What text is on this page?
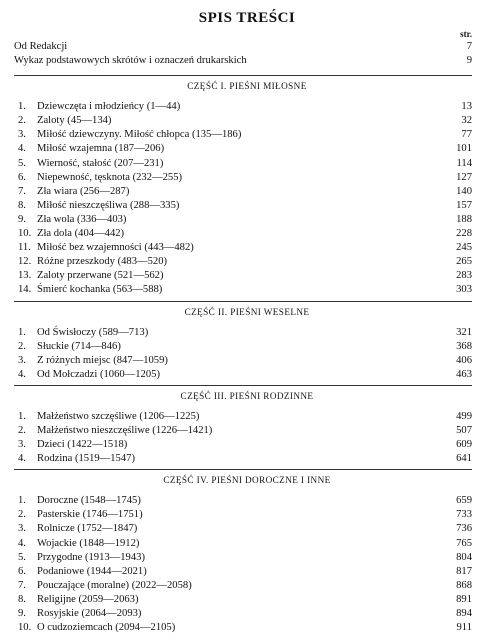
SPIS TREŚCI
str.
Od Redakcji	7
Wykaz podstawowych skrótów i oznaczeń drukarskich	9
CZĘŚĆ I. PIEŚNI MIŁOSNE
1. Dziewczęta i młodzieńcy (1—44)	13
2. Zaloty (45—134)	32
3. Miłość dziewczyny. Miłość chłopca (135—186)	77
4. Miłość wzajemna (187—206)	101
5. Wierność, stałość (207—231)	114
6. Niepewność, tęsknota (232—255)	127
7. Zła wiara (256—287)	140
8. Miłość nieszczęśliwa (288—335)	157
9. Zła wola (336—403)	188
10. Zła dola (404—442)	228
11. Miłość bez wzajemności (443—482)	245
12. Różne przeszkody (483—520)	265
13. Zaloty przerwane (521—562)	283
14. Śmierć kochanka (563—588)	303
CZĘŚĆ II. PIEŚNI WESELNE
1. Od Świsłoczy (589—713)	321
2. Słuckie (714—846)	368
3. Z różnych miejsc (847—1059)	406
4. Od Mołczadzi (1060—1205)	463
CZĘŚĆ III. PIEŚNI RODZINNE
1. Małżeństwo szczęśliwe (1206—1225)	499
2. Małżeństwo nieszczęśliwe (1226—1421)	507
3. Dzieci (1422—1518)	609
4. Rodzina (1519—1547)	641
CZĘŚĆ IV. PIEŚNI DOROCZNE I INNE
1. Doroczne (1548—1745)	659
2. Pasterskie (1746—1751)	733
3. Rolnicze (1752—1847)	736
4. Wojackie (1848—1912)	765
5. Przygodne (1913—1943)	804
6. Podaniowe (1944—2021)	817
7. Pouczające (moralne) (2022—2058)	868
8. Religijne (2059—2063)	891
9. Rosyjskie (2064—2093)	894
10. O cudzoziemcach (2094—2105)	911
